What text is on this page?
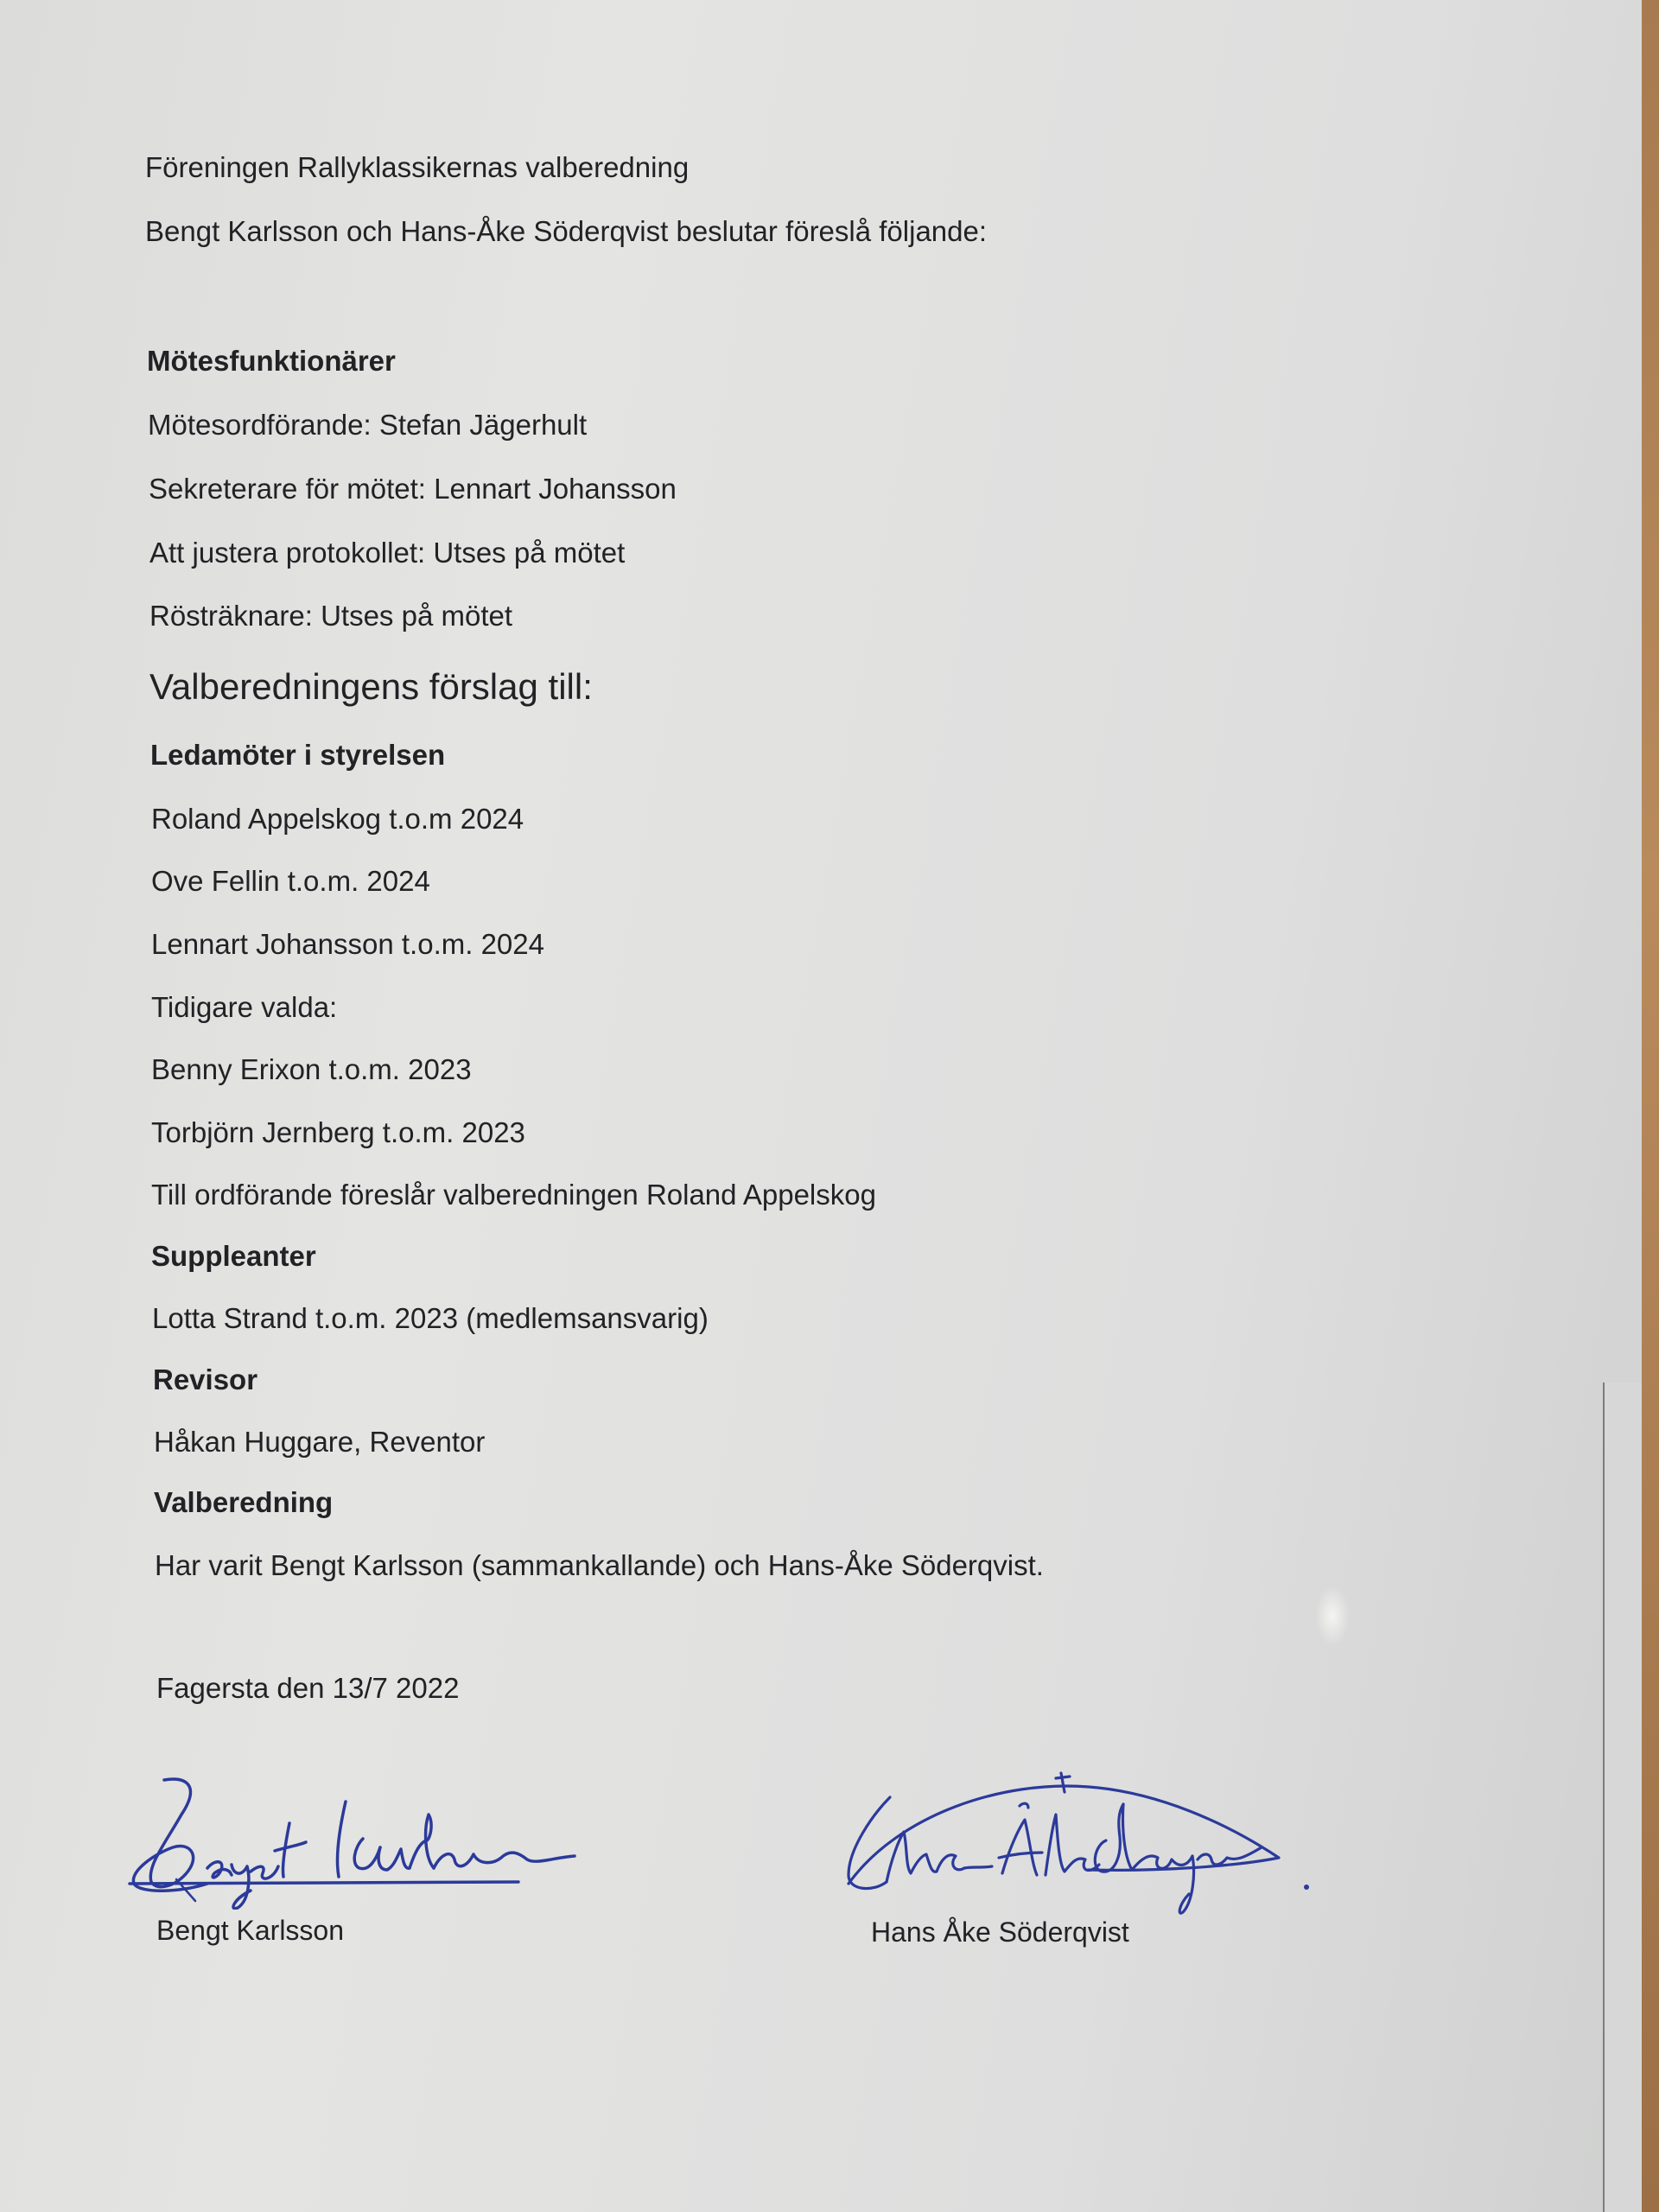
Föreningen Rallyklassikernas valberedning
Bengt Karlsson och Hans-Åke Söderqvist beslutar föreslå följande:
Mötesfunktionärer
Mötesordförande: Stefan Jägerhult
Sekreterare för mötet: Lennart Johansson
Att justera protokollet: Utses på mötet
Rösträknare: Utses på mötet
Valberedningens förslag till:
Ledamöter i styrelsen
Roland Appelskog t.o.m 2024
Ove Fellin t.o.m. 2024
Lennart Johansson t.o.m. 2024
Tidigare valda:
Benny Erixon t.o.m. 2023
Torbjörn Jernberg t.o.m. 2023
Till ordförande föreslår valberedningen Roland Appelskog
Suppleanter
Lotta Strand t.o.m. 2023 (medlemsansvarig)
Revisor
Håkan Huggare, Reventor
Valberedning
Har varit Bengt Karlsson (sammankallande) och Hans-Åke Söderqvist.
Fagersta den 13/7 2022
Bengt Karlsson	Hans Åke Söderqvist
